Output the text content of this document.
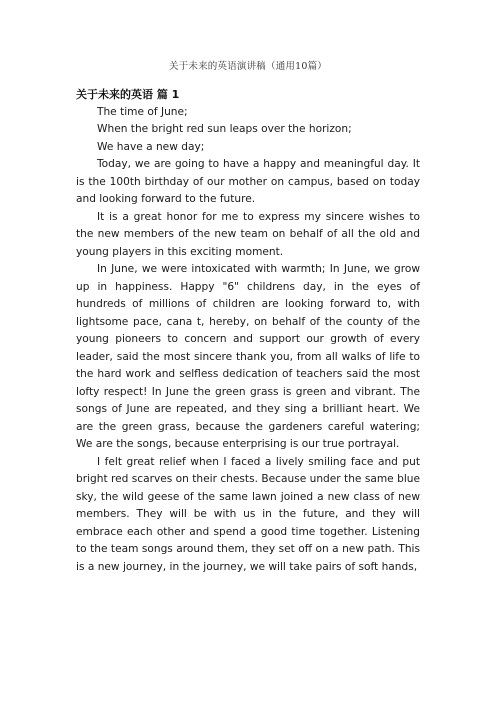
关于未来的英语演讲稿（通用10篇）
关于未来的英语 篇 1
The time of June;
When the bright red sun leaps over the horizon;
We have a new day;

Today, we are going to have a happy and meaningful day. It is the 100th birthday of our mother on campus, based on today and looking forward to the future.

It is a great honor for me to express my sincere wishes to the new members of the new team on behalf of all the old and young players in this exciting moment.

In June, we were intoxicated with warmth; In June, we grow up in happiness. Happy "6" childrens day, in the eyes of hundreds of millions of children are looking forward to, with lightsome pace, cana t, hereby, on behalf of the county of the young pioneers to concern and support our growth of every leader, said the most sincere thank you, from all walks of life to the hard work and selfless dedication of teachers said the most lofty respect! In June the green grass is green and vibrant. The songs of June are repeated, and they sing a brilliant heart. We are the green grass, because the gardeners careful watering; We are the songs, because enterprising is our true portrayal.

I felt great relief when I faced a lively smiling face and put bright red scarves on their chests. Because under the same blue sky, the wild geese of the same lawn joined a new class of new members. They will be with us in the future, and they will embrace each other and spend a good time together. Listening to the team songs around them, they set off on a new path. This is a new journey, in the journey, we will take pairs of soft hands,
